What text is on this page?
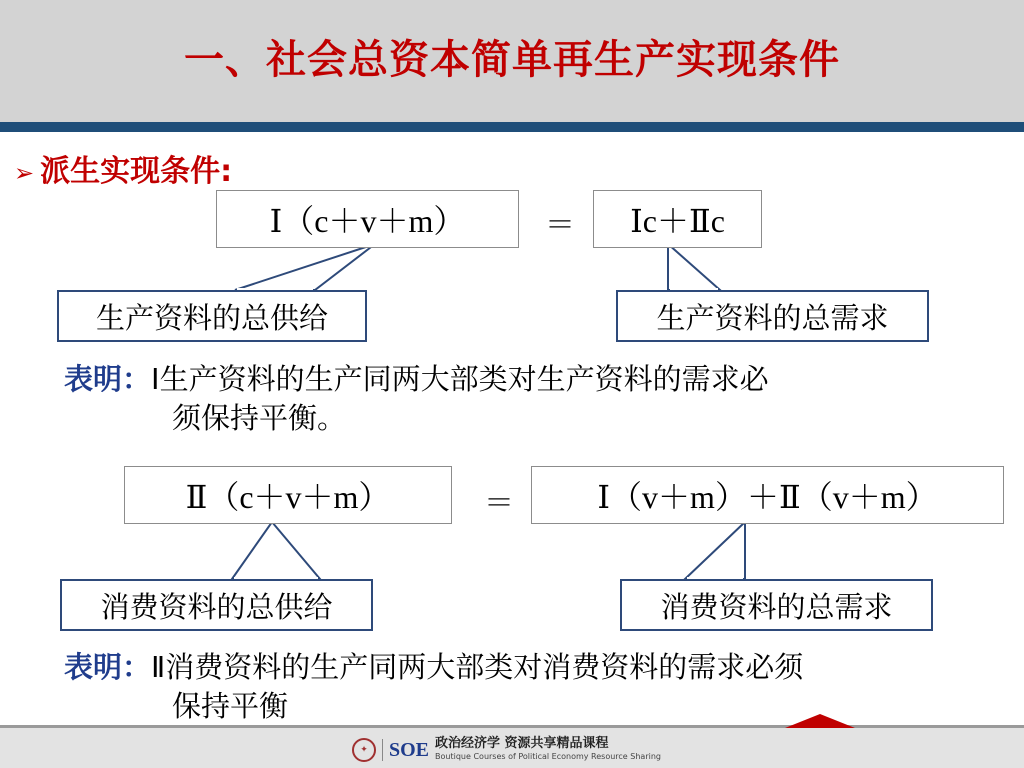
一、社会总资本简单再生产实现条件
➢ 派生实现条件:
Ⅰ（c＋v＋m）	＝	Ⅰc＋Ⅱc
生产资料的总供给	生产资料的总需求
表明：Ⅰ生产资料的生产同两大部类对生产资料的需求必
须保持平衡。
Ⅱ（c＋v＋m）	＝	Ⅰ（v＋m）＋Ⅱ（v＋m）
消费资料的总供给	消费资料的总需求
表明：Ⅱ消费资料的生产同两大部类对消费资料的需求必须
保持平衡
✦	SOE 政治经济学 资源共享精品课程
Boutique Courses of Political Economy Resource Sharing
